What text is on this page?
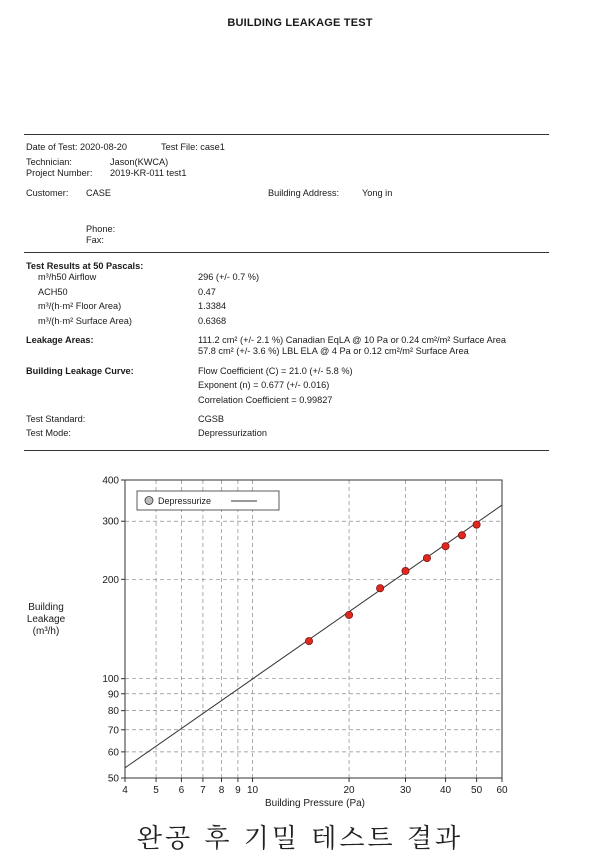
BUILDING LEAKAGE TEST
Date of Test: 2020-08-20	Test File: case1
Technician:	Jason(KWCA)
Project Number: 2019-KR-011 test1
Customer: CASE	Building Address:	Yong in
Phone:
Fax:
Test Results at 50 Pascals:
m³/h50 Airflow	296 (+/- 0.7 %)
ACH50	0.47
m³/(h·m² Floor Area)	1.3384
m³/(h·m² Surface Area)	0.6368
Leakage Areas:	111.2 cm² (+/- 2.1 %) Canadian EqLA @ 10 Pa or 0.24 cm²/m² Surface Area
57.8 cm² (+/- 3.6 %) LBL ELA @ 4 Pa or 0.12 cm²/m² Surface Area
Building Leakage Curve:	Flow Coefficient (C) = 21.0 (+/- 5.8 %)
Exponent (n) = 0.677 (+/- 0.016)
Correlation Coefficient = 0.99827
Test Standard:	CGSB
Test Mode:	Depressurization
Building
Leakage
(m³/h)
4	5 6 7 8 9 10	20	30	40 50 60
50
60
70
80
90
100
200
300
400
Depressurize
Building Pressure (Pa)
완공 후 기밀 테스트 결과
